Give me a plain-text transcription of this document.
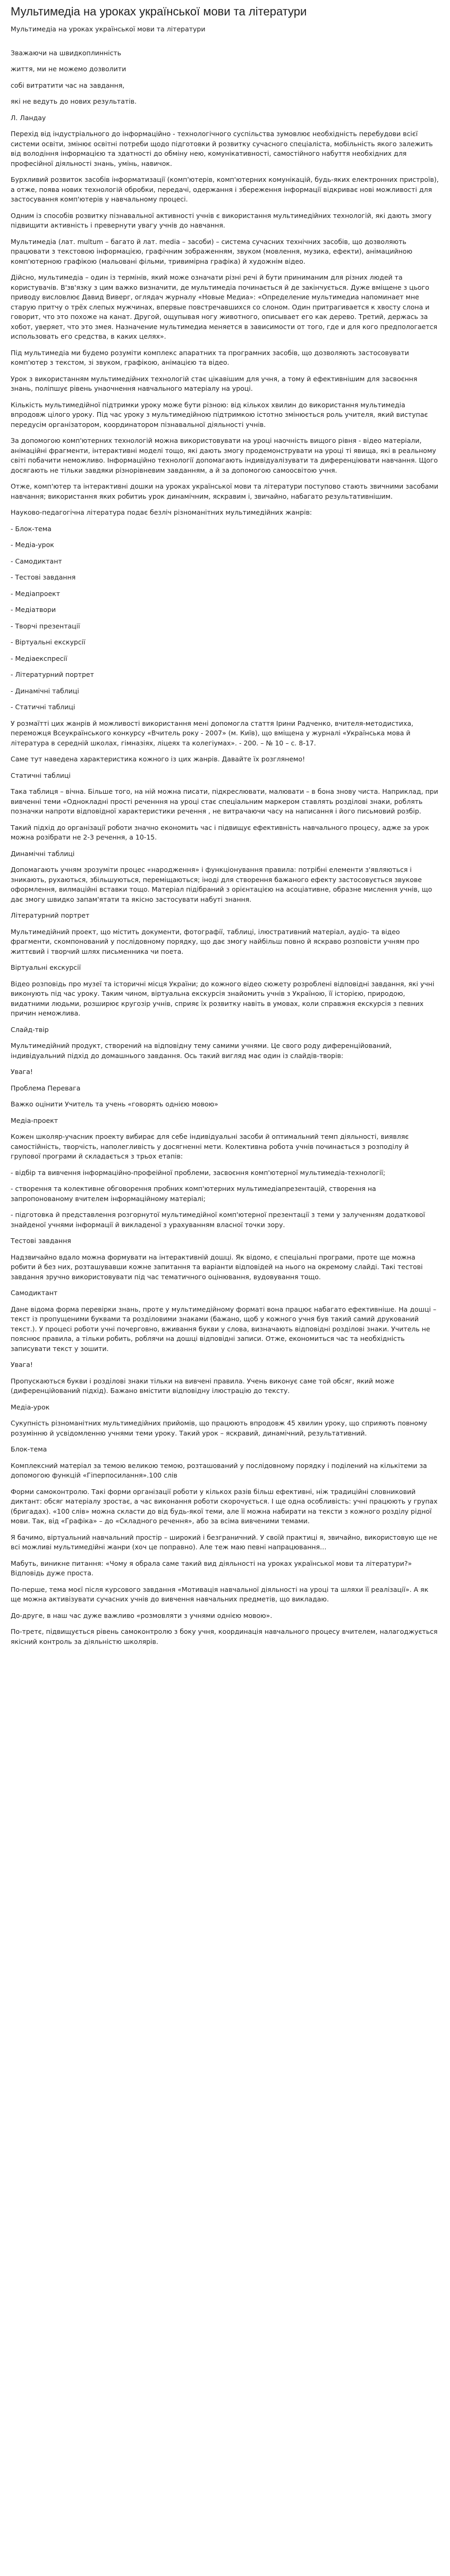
Мультимедіа на уроках української мови та літератури

Мультимедіа на уроках української мови та літератури

Зважаючи на швидкоплинність

життя, ми не можемо дозволити

собі витратити час на завдання,

які не ведуть до нових результатів.

Л. Ландау

Перехід від індустріального до інформаційно - технологічного суспільства зумовлює необхідність перебудови всієї системи освіти, змінює освітні потреби щодо підготовки й розвитку сучасного спеціаліста, мобільність якого залежить від володіння інформацією та здатності до обміну нею, комунікативності, самостійного набуття необхідних для професійної діяльності знань, умінь, навичок.

Бурхливий розвиток засобів інформатизації (комп'ютерів, комп'ютерних комунікацій, будь-яких електронних пристроїв), а отже, поява нових технологій обробки, передачі, одержання і збереження інформації відкриває нові можливості для застосування комп'ютерів у навчальному процесі.

Одним із способів розвитку пізнавальної активності учнів є використання мультимедійних технологій, які дають змогу підвищити активність і превернути увагу учнів до навчання.

Мультимедіа (лат. multum – багато й лат. media – засоби) – система сучасних технічних засобів, що дозволяють працювати з текстовою інформацією, графічним зображенням, звуком (мовлення, музика, ефекти), анімацийною комп'ютерною графікою (мальовані фільми, тривимірна графіка) й художнім відео.

Дійсно, мультимедіа – один із термінів, який може означати різні речі й бути приниманим для різних людей та користувачів. В'зв'язку з цим важко визначити, де мультимедіа починається й де закінчується. Дуже вміщене з цього приводу висловлює Давид Виверг, оглядач журналу «Новые Медиа»: «Определение мультимедиа напоминает мне старую притчу о трёх слепых мужчинах, впервые повстречавшихся со слоном. Один притрагивается к хвосту слона и говорит, что это похоже на канат. Другой, ощупывая ногу животного, описывает его как дерево. Третий, держась за хобот, уверяет, что это змея. Назначение мультимедиа меняется в зависимости от того, где и для кого предпологается использовать его средства, в каких целях».

Під мультимедіа ми будемо розуміти комплекс апаратних та програмних засобів, що дозволяють застосовувати комп'ютер з текстом, зі звуком, графікою, анімацією та відео.

Урок з використанням мультимедійних технологій стає цікавішим для учня, а тому й ефективнішим для засвоєння знань, поліпшує рівень унаочнення навчального матеріалу на уроці.

Кількість мультимедійної підтримки уроку може бути різною: від кількох хвилин до використання мультимедіа впродовж цілого уроку. Під час уроку з мультимедійною підтримкою істотно змінюється роль учителя, який виступає передусім організатором, координатором пізнавальної діяльності учнів.

За допомогою комп'ютерних технологій можна використовувати на уроці наочність вищого рівня - відео матеріали, анімаційні фрагменти, інтерактивні моделі тощо, які дають змогу продемонструвати на уроці ті явища, які в реальному світі побачити неможливо. Інформаційно технології допомагають індивідуалізувати та диференціювати навчання. Щого досягають не тільки завдяки різнорівневим завданням, а й за допомогою самоосвітою учня.

Отже, комп'ютер та інтерактивні дошки на уроках української мови та літератури поступово стають звичними засобами навчання; використання яких робитиь урок динамічним, яскравим і, звичайно, набагато результативнішим.

Науково-педагогічна література подає безліч різноманітних мультимедійних жанрів:

- Блок-тема

- Медіа-урок

- Самодиктант

- Тестові завдання

- Медіапроект

- Медіатвори

- Творчі презентації

- Віртуальні екскурсії

- Медіаекспресії

- Літературний портрет

- Динамічні таблиці

- Статичні таблиці

У розмаїтті цих жанрів й можливості використання мені допомогла стаття Ірини Радченко, вчителя-методистиха, переможця Всеукраїнського конкурсу «Вчитель року - 2007» (м. Київ), що вміщена у журналі «Українська мова й література в середній школах, гімназіях, ліцеях та колегіумах». - 200. – № 10 – с. 8-17.

Саме тут наведена характеристика кожного із цих жанрів. Давайте їх розглянемо!

Статичні таблиці

Така таблиця – вічна. Більше того, на ній можна писати, підкреслювати, малювати – в бона знову чиста. Наприклад, при вивченні теми «Однокладні прості реченння на уроці стає спеціальним маркером ставлять розділові знаки, роблять позначки напроти відповідної характеристики речення , не витрачаючи часу на написання і його письмовий розбір.

Такий підхід до організації роботи значно економить час і підвищує ефективність навчального процесу, адже за урок можна розібрати не 2-3 речення, а 10-15.

Динамічні таблиці

Допомагають учням зрозуміти процес «народження» і функціонування правила: потрібні елементи з'являються і зникають, рухаються, збільшуються, переміщаються; іноді для створення бажаного ефекту застосовується звукове оформлення, вилмаційні вставки тощо. Матеріал підібраний з орієнтацією на асоціативне, образне мислення учнів, що дає змогу швидко запам'ятати та якісно застосувати набуті знання.

Літературний портрет

Мультимедійний проект, що містить документи, фотографії, таблиці, ілюстративний матеріал, аудіо- та відео фрагменти, скомпонований у послідовному порядку, що дає змогу найбільш повно й яскраво розповісти учням про життєвий і творчий шлях письменника чи поета.

Віртуальні екскурсії

Відео розповідь про музеї та історичні місця України; до кожного відео сюжету розроблені відповідні завдання, які учні виконують під час уроку. Таким чином, віртуальна екскурсія знайомить учнів з Україною, її історією, природою, видатними людьми, розширює кругозір учнів, сприяє їх розвитку навіть в умовах, коли справжня екскурсія з певних причин неможлива.

Слайд-твір

Мультимедійний продукт, створений на відповідну тему самими учнями. Це свого роду диференційований, індивідуальний підхід до домашнього завдання. Ось такий вигляд має один із слайдів-творів:

Увага!

Проблема Перевага

Важко оцінити Учитель та учень «говорять однією мовою»

Медіа-проект

Кожен школяр-учасник проекту вибирає для себе індивідуальні засоби й оптимальний темп діяльності, виявляє самостійність, творчість, наполегливість у досягненні мети. Колективна робота учнів починається з розподілу й групової програми й складається з трьох етапів:

- відбір та вивчення інформаційно-профеійної проблеми, засвоєння комп'ютерної мультимедіа-технології;

- створення та колективне обговорення пробних комп'ютерних мультимедіапрезентацій, створення на запропонованому вчителем інформаційному матеріалі;

- підготовка й представлення розгорнутої мультимедійної комп'ютерної презентації з теми у залученням додаткової знайденої учнями інформації й викладеної з урахуванням власної точки зору.

Тестові завдання

Надзвичайно вдало можна формувати на інтерактивній дошці. Як відомо, є спеціальні програми, проте ще можна робити й без них, розташувавши кожне запитання та варіанти відповідей на нього на окремому слайді. Такі тестові завдання зручно використовувати під час тематичного оцінювання, вудовування тощо.

Самодиктант

Дане відома форма перевірки знань, проте у мультимедійному форматі вона працює набагато ефективніше. На дошці – текст із пропущеними буквами та розділовими знаками (бажано, щоб у кожного учня був такий самий друкований текст.). У процесі роботи учні почерговно, вживання букви у слова, визначають відповідні розділові знаки. Учитель не пояснює правила, а тільки робить, роблячи на дошці відповідні записи. Отже, економиться час та необхідність записувати текст у зошити.

Увага!

Пропускаються букви і розділові знаки тільки на вивчені правила. Учень виконує саме той обсяг, який може (диференційований підхід). Бажано вмістити відповідну ілюстрацію до тексту.

Медіа-урок

Сукупність різноманітних мультимедійних прийомів, що працюють впродовж 45 хвилин уроку, що сприяють повному розумінню й усвідомленню учнями теми уроку. Такий урок – яскравий, динамічний, результативний.

Блок-тема

Комплексний матеріал за темою великою темою, розташований у послідовному порядку і поділений на кількітеми за допомогою функцій «Гіперпосилання».100 слів

Форми самоконтролю. Такі форми організації роботи у кількох разів більш ефективні, ніж традиційні словниковий диктант: обсяг матеріалу зростає, а час виконання роботи скорочується. І ще одна особливість: учні працюють у групах (бригадах). «100 слів» можна скласти до від будь-якої теми, але її можна набирати на тексти з кожного розділу рідної мови. Так, від «Графіка» – до «Складного речення», або за всіма вивченими темами.

Я бачимо, віртуальний навчальний простір – широкий і безграничний. У своїй практиці я, звичайно, використовую ще не всі можливі мультимедійні жанри (хоч це поправно). Але теж маю певні напрацювання…

Мабуть, виникне питання: «Чому я обрала саме такий вид діяльності на уроках української мови та літератури?» Відповідь дуже проста.

По-перше, тема моєї після курсового завдання «Мотивація навчальної діяльності на уроці та шляхи її реалізації». А як ще можна активізувати сучасних учнів до вивчення навчальних предметів, що викладаю.

До-друге, в наш час дуже важливо «розмовляти з учнями однією мовою».

По-третє, підвищується рівень самоконтролю з боку учня, координація навчального процесу вчителем, налагоджується якісний контроль за діяльністю школярів.
